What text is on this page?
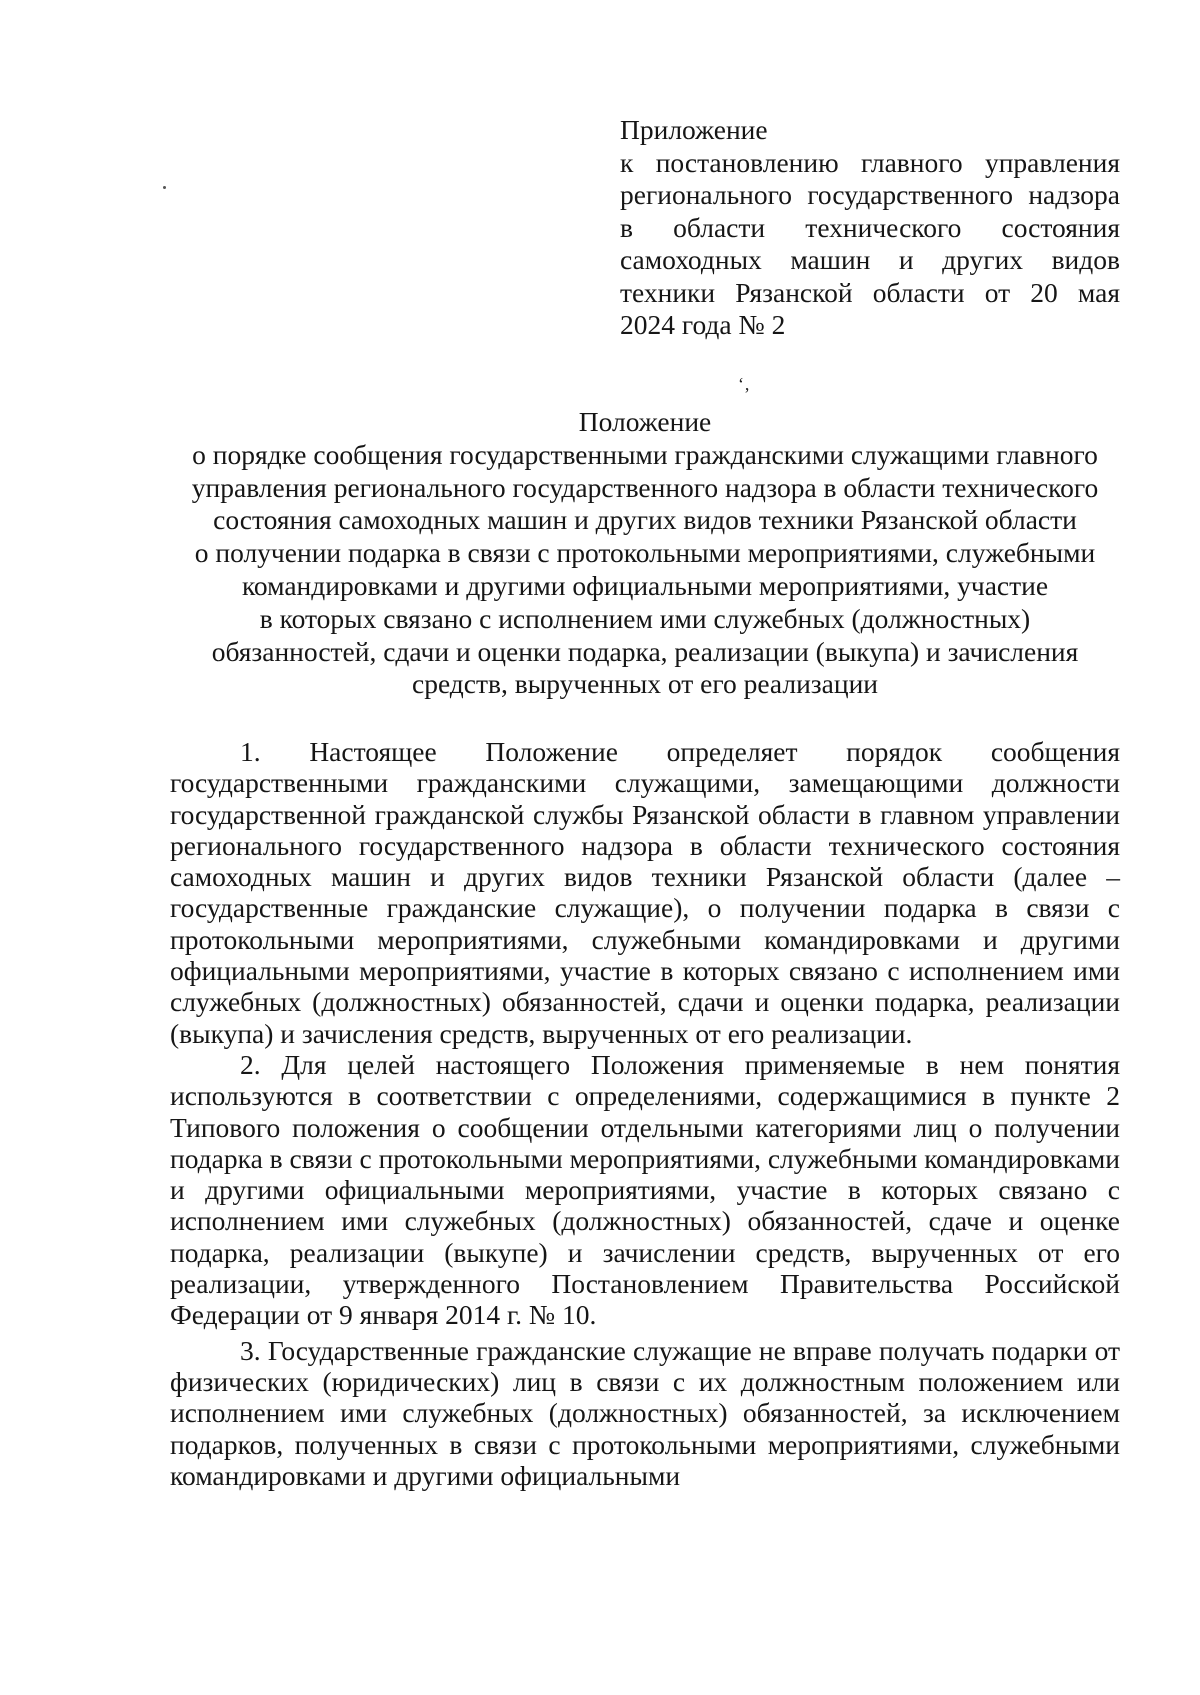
Приложение
к постановлению главного управления регионального государственного надзора в области технического состояния самоходных машин и других видов техники Рязанской области от 20 мая
2024 года № 2
‘‚
Положение
о порядке сообщения государственными гражданскими служащими главного
управления регионального государственного надзора в области технического
состояния самоходных машин и других видов техники Рязанской области
о получении подарка в связи с протокольными мероприятиями, служебными
командировками и другими официальными мероприятиями, участие
в которых связано с исполнением ими служебных (должностных)
обязанностей, сдачи и оценки подарка, реализации (выкупа) и зачисления
средств, вырученных от его реализации

1. Настоящее Положение определяет порядок сообщения государственными гражданскими служащими, замещающими должности государственной гражданской службы Рязанской области в главном управлении регионального государственного надзора в области технического состояния самоходных машин и других видов техники Рязанской области (далее – государственные гражданские служащие), о получении подарка в связи с протокольными мероприятиями, служебными командировками и другими официальными мероприятиями, участие в которых связано с исполнением ими служебных (должностных) обязанностей, сдачи и оценки подарка, реализации (выкупа) и зачисления средств, вырученных от его реализации.

2. Для целей настоящего Положения применяемые в нем понятия используются в соответствии с определениями, содержащимися в пункте 2 Типового положения о сообщении отдельными категориями лиц о получении подарка в связи с протокольными мероприятиями, служебными командировками и другими официальными мероприятиями, участие в которых связано с исполнением ими служебных (должностных) обязанностей, сдаче и оценке подарка, реализации (выкупе) и зачислении средств, вырученных от его реализации, утвержденного Постановлением Правительства Российской Федерации от 9 января 2014 г. № 10.

3. Государственные гражданские служащие не вправе получать подарки от физических (юридических) лиц в связи с их должностным положением или исполнением ими служебных (должностных) обязанностей, за исключением подарков, полученных в связи с протокольными мероприятиями, служебными командировками и другими официальными
